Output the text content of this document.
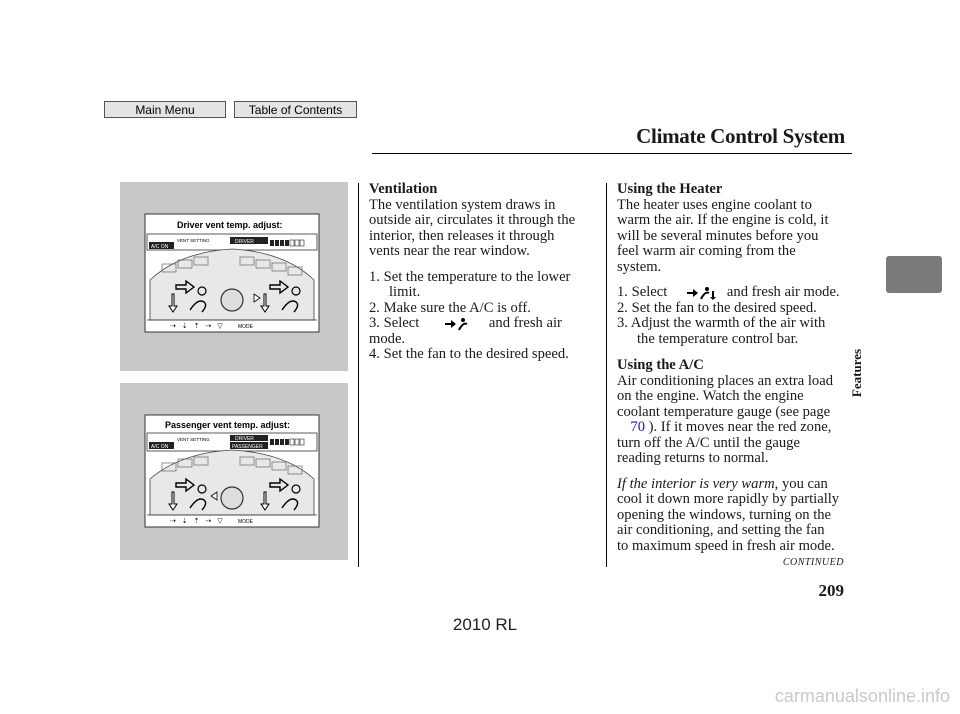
Main Menu	Table of Contents
Climate Control System
Features
Driver vent temp. adjust:
A/C ON
VENT SETTING	DRIVER
⇢ ⇣ ⇡ ⇢ ▽	MODE
Passenger vent temp. adjust:
A/C ON
VENT SETTING	DRIVER
PASSENGER
⇢ ⇣ ⇡ ⇢ ▽	MODE

Ventilation

The ventilation system draws in

outside air, circulates it through the

interior, then releases it through

vents near the rear window.

1. Set the temperature to the lower

limit.

2. Make sure the A/C is off.

3. Select	and fresh air mode.

4. Set the fan to the desired speed.

Using the Heater

The heater uses engine coolant to

warm the air. If the engine is cold, it

will be several minutes before you

feel warm air coming from the

system.

1. Select	and fresh air mode.

2. Set the fan to the desired speed.

3. Adjust the warmth of the air with

the temperature control bar.

Using the A/C

Air conditioning places an extra load

on the engine. Watch the engine

coolant temperature gauge (see page

70 ). If it moves near the red zone,

turn off the A/C until the gauge

reading returns to normal.

If the interior is very warm, you can

cool it down more rapidly by partially

opening the windows, turning on the

air conditioning, and setting the fan

to maximum speed in fresh air mode.

CONTINUED
209
2010 RL
carmanualsonline.info
